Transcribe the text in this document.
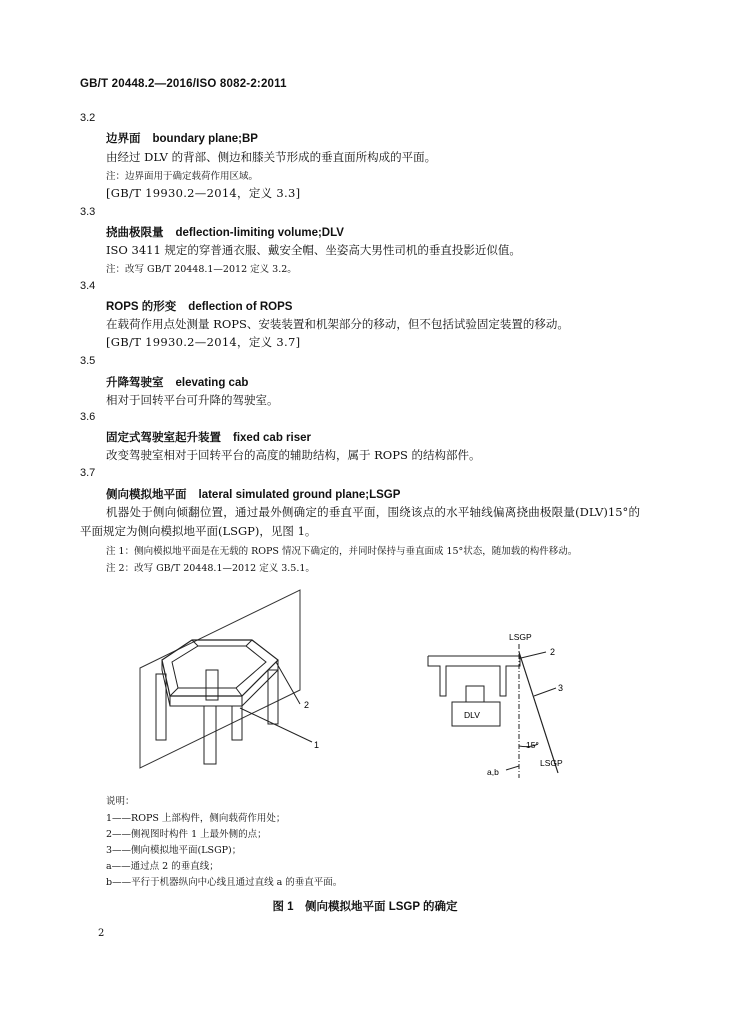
GB/T 20448.2—2016/ISO 8082-2:2011
3.2
边界面 boundary plane;BP
由经过 DLV 的背部、侧边和膝关节形成的垂直面所构成的平面。
注：边界面用于确定载荷作用区域。
[GB/T 19930.2—2014，定义 3.3]
3.3
挠曲极限量 deflection-limiting volume;DLV
ISO 3411 规定的穿普通衣服、戴安全帽、坐姿高大男性司机的垂直投影近似值。
注：改写 GB/T 20448.1—2012 定义 3.2。
3.4
ROPS 的形变 deflection of ROPS
在载荷作用点处测量 ROPS、安装装置和机架部分的移动，但不包括试验固定装置的移动。
[GB/T 19930.2—2014，定义 3.7]
3.5
升降驾驶室 elevating cab
相对于回转平台可升降的驾驶室。
3.6
固定式驾驶室起升装置 fixed cab riser
改变驾驶室相对于回转平台的高度的辅助结构，属于 ROPS 的结构部件。
3.7
侧向模拟地平面 lateral simulated ground plane;LSGP
机器处于侧向倾翻位置，通过最外侧确定的垂直平面，围绕该点的水平轴线偏离挠曲极限量(DLV)15°的平面规定为侧向模拟地平面(LSGP)，见图 1。
注 1：侧向模拟地平面是在无载的 ROPS 情况下确定的，并同时保持与垂直面成 15°状态，随加载的构件移动。
注 2：改写 GB/T 20448.1—2012 定义 3.5.1。
2
1
LSGP
DLV
2
3
15°
LSGP
a,b
说明：
1——ROPS 上部构件，侧向载荷作用处；
2——侧视图时构件 1 上最外侧的点；
3——侧向模拟地平面(LSGP)；
a——通过点 2 的垂直线；
b——平行于机器纵向中心线且通过直线 a 的垂直平面。
图 1　侧向模拟地平面 LSGP 的确定
2
